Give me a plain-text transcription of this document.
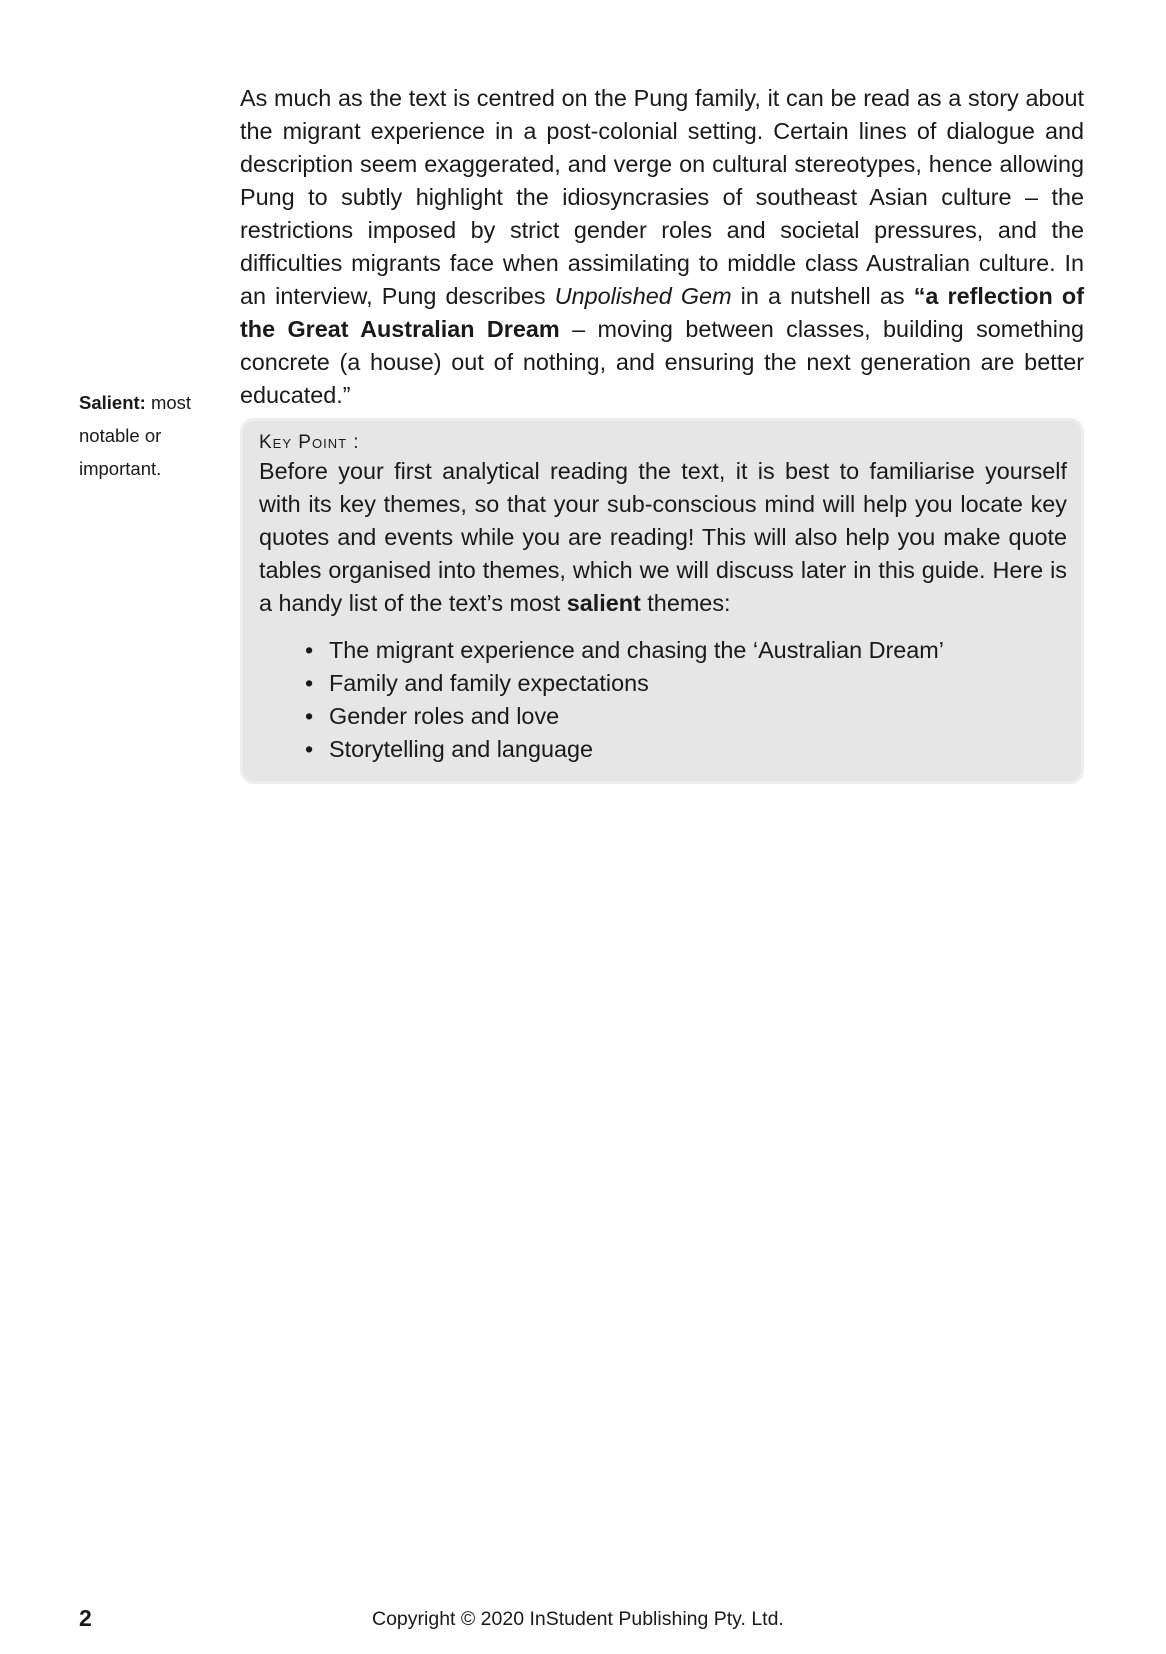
As much as the text is centred on the Pung family, it can be read as a story about the migrant experience in a post-colonial setting. Certain lines of dialogue and description seem exaggerated, and verge on cultural stereotypes, hence allowing Pung to subtly highlight the idiosyncrasies of southeast Asian culture – the restrictions imposed by strict gender roles and societal pressures, and the difficulties migrants face when assimilating to middle class Australian culture. In an interview, Pung describes Unpolished Gem in a nutshell as “a reflection of the Great Australian Dream – moving between classes, building something concrete (a house) out of nothing, and ensuring the next generation are better educated.”

Salient: most notable or important.

Key Point :

Before your first analytical reading the text, it is best to familiarise yourself with its key themes, so that your sub-conscious mind will help you locate key quotes and events while you are reading! This will also help you make quote tables organised into themes, which we will discuss later in this guide. Here is a handy list of the text’s most salient themes:

• The migrant experience and chasing the ‘Australian Dream’
• Family and family expectations
• Gender roles and love
• Storytelling and language

2	Copyright © 2020 InStudent Publishing Pty. Ltd.
